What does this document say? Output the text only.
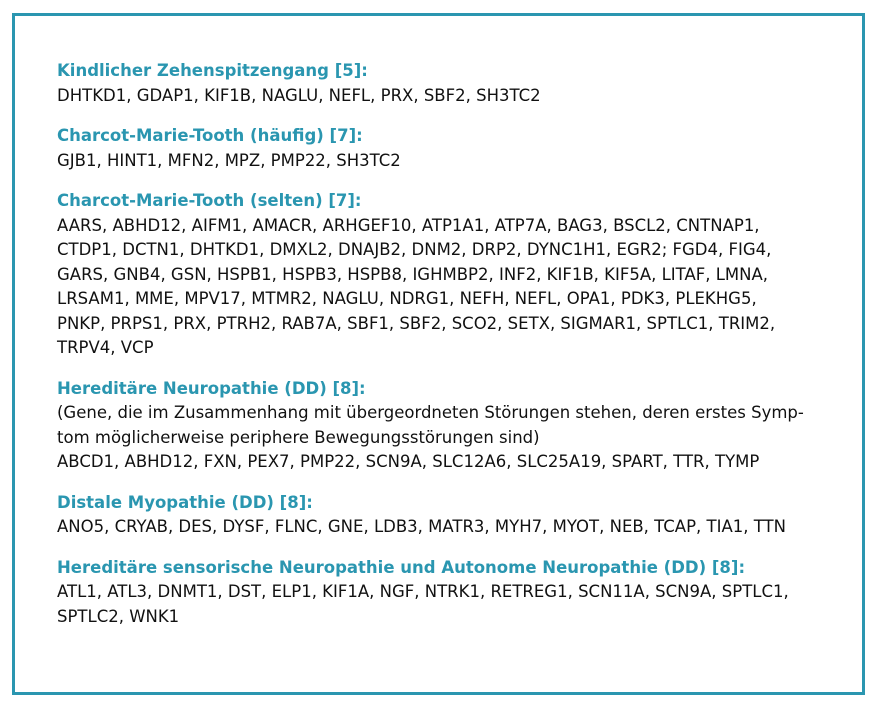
Kindlicher Zehenspitzengang [5]:
DHTKD1, GDAP1, KIF1B, NAGLU, NEFL, PRX, SBF2, SH3TC2
Charcot-Marie-Tooth (häufig) [7]:
GJB1, HINT1, MFN2, MPZ, PMP22, SH3TC2
Charcot-Marie-Tooth (selten) [7]:
AARS, ABHD12, AIFM1, AMACR, ARHGEF10, ATP1A1, ATP7A, BAG3, BSCL2, CNTNAP1,
CTDP1, DCTN1, DHTKD1, DMXL2, DNAJB2, DNM2, DRP2, DYNC1H1, EGR2; FGD4, FIG4,
GARS, GNB4, GSN, HSPB1, HSPB3, HSPB8, IGHMBP2, INF2, KIF1B, KIF5A, LITAF, LMNA,
LRSAM1, MME, MPV17, MTMR2, NAGLU, NDRG1, NEFH, NEFL, OPA1, PDK3, PLEKHG5,
PNKP, PRPS1, PRX, PTRH2, RAB7A, SBF1, SBF2, SCO2, SETX, SIGMAR1, SPTLC1, TRIM2,
TRPV4, VCP
Hereditäre Neuropathie (DD) [8]:
(Gene, die im Zusammenhang mit übergeordneten Störungen stehen, deren erstes Symp-
tom möglicherweise periphere Bewegungsstörungen sind)
ABCD1, ABHD12, FXN, PEX7, PMP22, SCN9A, SLC12A6, SLC25A19, SPART, TTR, TYMP
Distale Myopathie (DD) [8]:
ANO5, CRYAB, DES, DYSF, FLNC, GNE, LDB3, MATR3, MYH7, MYOT, NEB, TCAP, TIA1, TTN
Hereditäre sensorische Neuropathie und Autonome Neuropathie (DD) [8]:
ATL1, ATL3, DNMT1, DST, ELP1, KIF1A, NGF, NTRK1, RETREG1, SCN11A, SCN9A, SPTLC1,
SPTLC2, WNK1
